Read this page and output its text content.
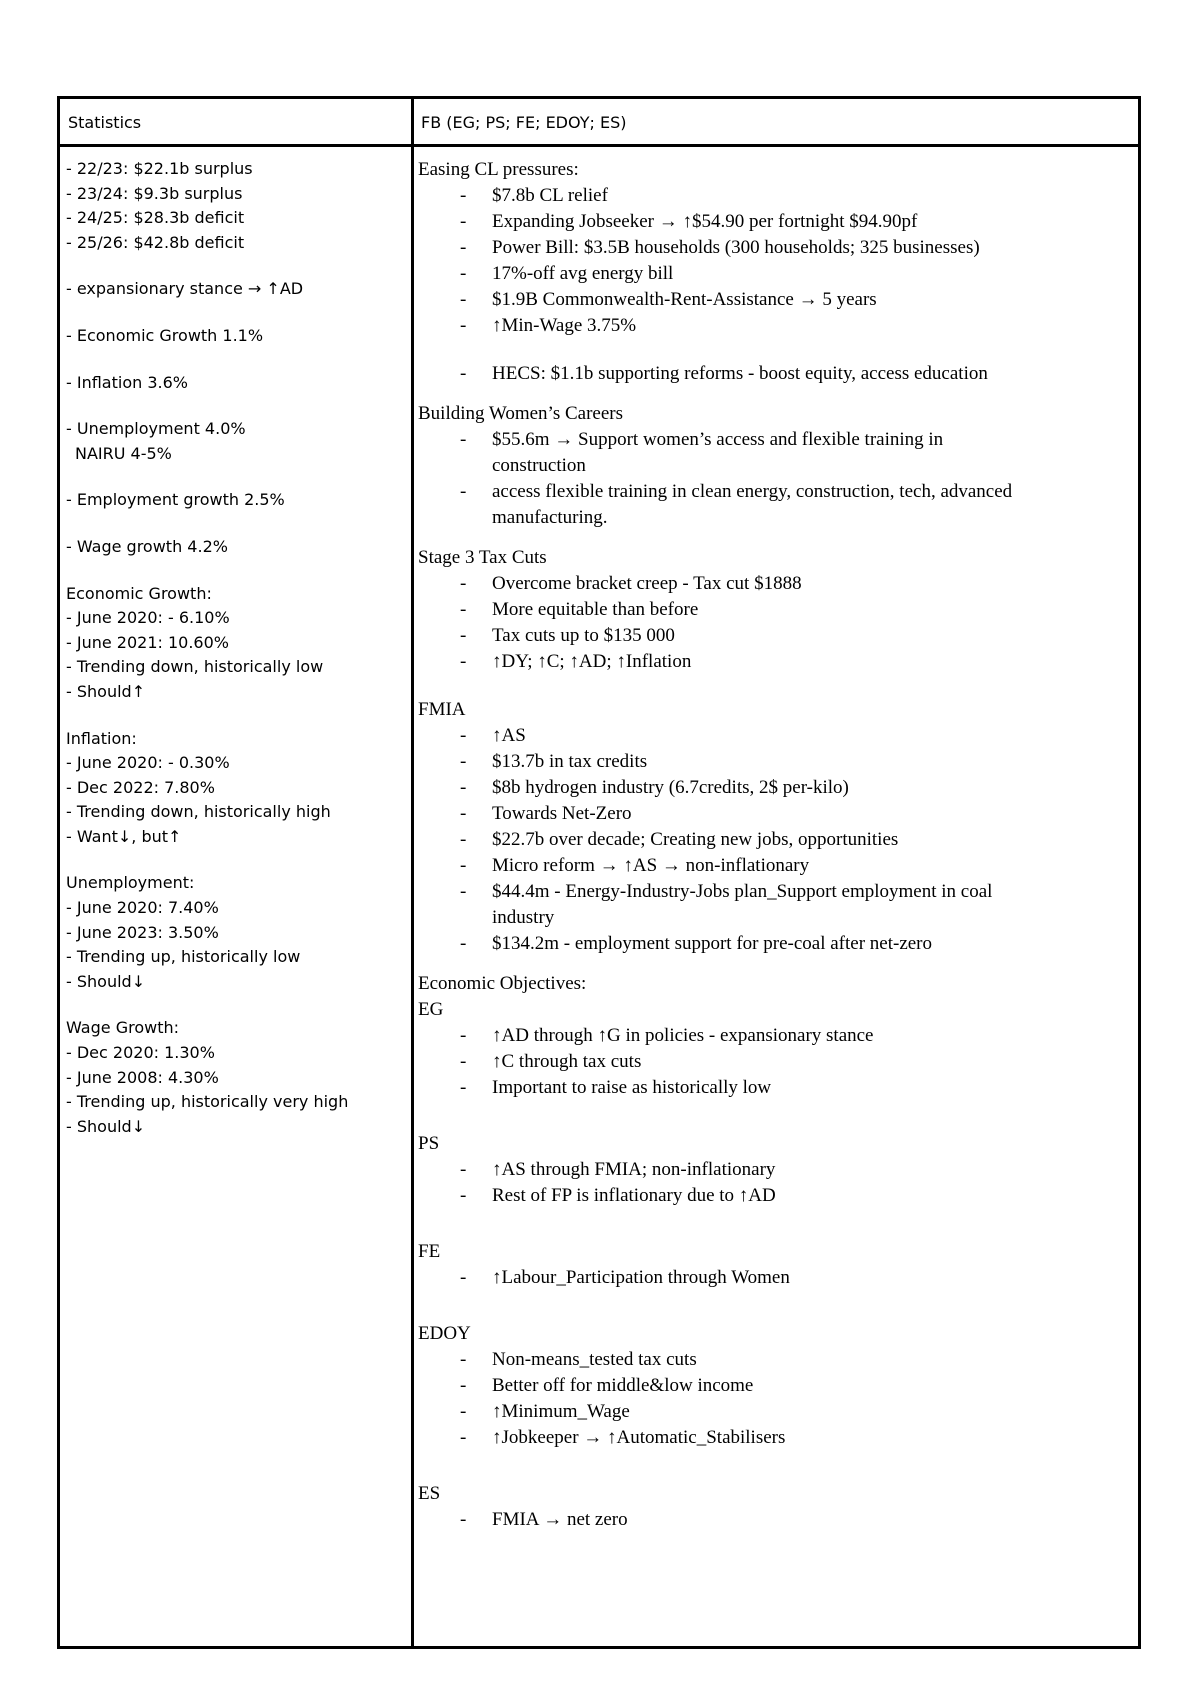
Statistics	FB (EG; PS; FE; EDOY; ES)
- 22/23: $22.1b surplus
- 23/24: $9.3b surplus
- 24/25: $28.3b deficit
- 25/26: $42.8b deficit
- expansionary stance → ↑AD
- Economic Growth 1.1%
- Inflation 3.6%
- Unemployment 4.0%
NAIRU 4-5%
- Employment growth 2.5%
- Wage growth 4.2%
Economic Growth:
- June 2020: - 6.10%
- June 2021: 10.60%
- Trending down, historically low
- Should↑
Inflation:
- June 2020: - 0.30%
- Dec 2022: 7.80%
- Trending down, historically high
- Want↓, but↑
Unemployment:
- June 2020: 7.40%
- June 2023: 3.50%
- Trending up, historically low
- Should↓
Wage Growth:
- Dec 2020: 1.30%
- June 2008: 4.30%
- Trending up, historically very high
- Should↓
Easing CL pressures:
- $7.8b CL relief
- Expanding Jobseeker → ↑$54.90 per fortnight $94.90pf
- Power Bill: $3.5B households (300 households; 325 businesses)
- 17%-off avg energy bill
- $1.9B Commonwealth-Rent-Assistance → 5 years
- ↑Min-Wage 3.75%
- HECS: $1.1b supporting reforms - boost equity, access education
Building Women’s Careers
- $55.6m → Support women’s access and flexible training in
construction
- access flexible training in clean energy, construction, tech, advanced
manufacturing.
Stage 3 Tax Cuts
- Overcome bracket creep - Tax cut $1888
- More equitable than before
- Tax cuts up to $135 000
- ↑DY; ↑C; ↑AD; ↑Inflation
FMIA
- ↑AS
- $13.7b in tax credits
- $8b hydrogen industry (6.7credits, 2$ per-kilo)
- Towards Net-Zero
- $22.7b over decade; Creating new jobs, opportunities
- Micro reform → ↑AS → non-inflationary
- $44.4m - Energy-Industry-Jobs plan_Support employment in coal
industry
- $134.2m - employment support for pre-coal after net-zero
Economic Objectives:
EG
- ↑AD through ↑G in policies - expansionary stance
- ↑C through tax cuts
- Important to raise as historically low
PS
- ↑AS through FMIA; non-inflationary
- Rest of FP is inflationary due to ↑AD
FE
- ↑Labour_Participation through Women
EDOY
- Non-means_tested tax cuts
- Better off for middle&low income
- ↑Minimum_Wage
- ↑Jobkeeper → ↑Automatic_Stabilisers
ES
- FMIA → net zero
